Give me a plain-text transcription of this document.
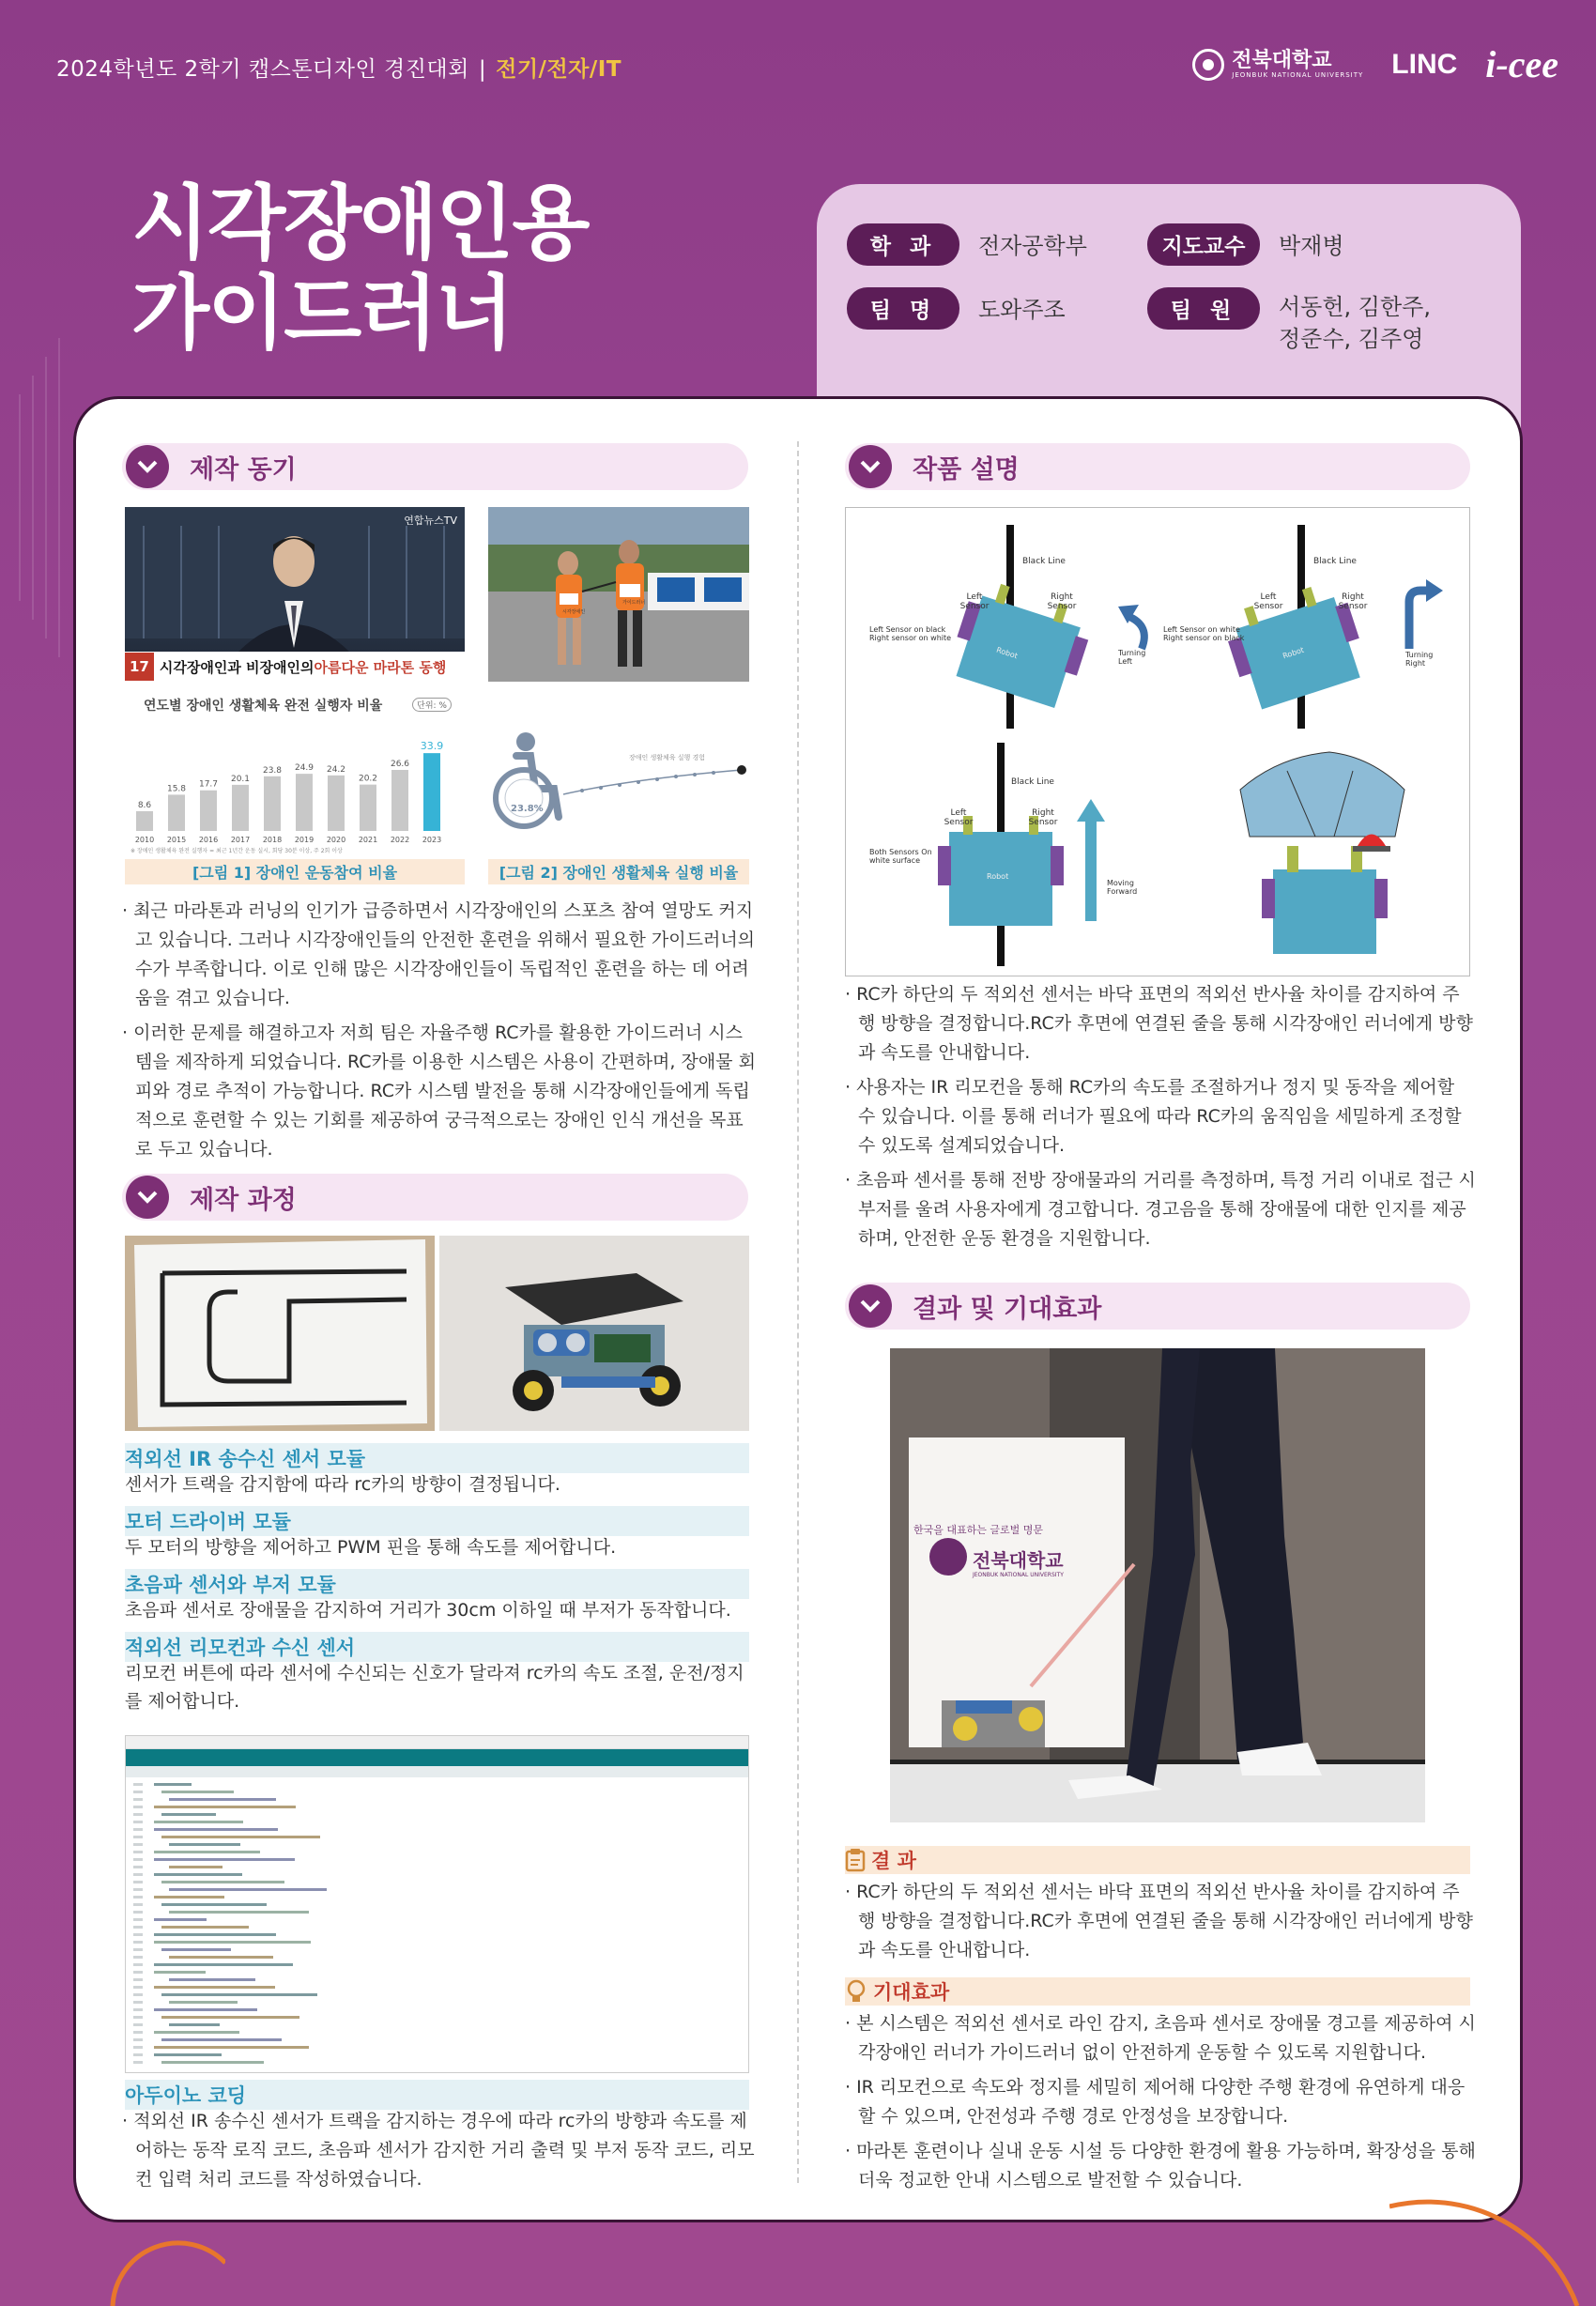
2024학년도 2학기 캡스톤디자인 경진대회 | 전기/전자/IT	전북대학교
JEONBUK NATIONAL UNIVERSITY LINC i-cee
시각장애인용
가이드러너
학 과	전자공학부	지도교수	박재병
팀 명	도와주조	팀 원	서동헌, 김한주,
정준수, 김주영
제작 동기
연합뉴스TV
17 시각장애인과 비장애인의 아름다운 마라톤 동행
시각장애인
가이드러너
연도별 장애인 생활체육 완전 실행자 비율	단위: %
8.6
2010
15.8
2015
17.7
2016
20.1
2017
23.8
2018
24.9
2019
24.2
2020
20.2
2021
26.6
2022
33.9
2023
※ 장애인 생활체육 완전 실행자 = 최근 1년간 운동 실시, 회당 30분 이상, 주 2회 이상
장애인 생활체육 실행 경험
23.8%
[그림 1] 장애인 운동참여 비율	[그림 2] 장애인 생활체육 실행 비율

· 최근 마라톤과 러닝의 인기가 급증하면서 시각장애인의 스포츠 참여 열망도 커지고 있습니다. 그러나 시각장애인들의 안전한 훈련을 위해서 필요한 가이드러너의 수가 부족합니다. 이로 인해 많은 시각장애인들이 독립적인 훈련을 하는 데 어려움을 겪고 있습니다.

· 이러한 문제를 해결하고자 저희 팀은 자율주행 RC카를 활용한 가이드러너 시스템을 제작하게 되었습니다. RC카를 이용한 시스템은 사용이 간편하며, 장애물 회피와 경로 추적이 가능합니다. RC카 시스템 발전을 통해 시각장애인들에게 독립적으로 훈련할 수 있는 기회를 제공하여 궁극적으로는 장애인 인식 개선을 목표로 두고 있습니다.

제작 과정
적외선 IR 송수신 센서 모듈
센서가 트랙을 감지함에 따라 rc카의 방향이 결정됩니다.
모터 드라이버 모듈
두 모터의 방향을 제어하고 PWM 핀을 통해 속도를 제어합니다.
초음파 센서와 부저 모듈
초음파 센서로 장애물을 감지하여 거리가 30cm 이하일 때 부저가 동작합니다.
적외선 리모컨과 수신 센서
리모컨 버튼에 따라 센서에 수신되는 신호가 달라져 rc카의 속도 조절, 운전/정지를 제어합니다.
아두이노 코딩

· 적외선 IR 송수신 센서가 트랙을 감지하는 경우에 따라 rc카의 방향과 속도를 제어하는 동작 로직 코드, 초음파 센서가 감지한 거리 출력 및 부저 동작 코드, 리모컨 입력 처리 코드를 작성하였습니다.

작품 설명
Black Line
Left Sensor
Right Sensor
Left Sensor on black Right sensor on white
Turning Left
Robot
Black Line
Left Sensor
Right Sensor
Left Sensor on white Right sensor on black
Turning Right
Robot
Black Line
Left Sensor
Right Sensor
Both Sensors On white surface
Moving Forward
Robot

· RC카 하단의 두 적외선 센서는 바닥 표면의 적외선 반사율 차이를 감지하여 주행 방향을 결정합니다.RC카 후면에 연결된 줄을 통해 시각장애인 러너에게 방향과 속도를 안내합니다.

· 사용자는 IR 리모컨을 통해 RC카의 속도를 조절하거나 정지 및 동작을 제어할 수 있습니다. 이를 통해 러너가 필요에 따라 RC카의 움직임을 세밀하게 조정할 수 있도록 설계되었습니다.

· 초음파 센서를 통해 전방 장애물과의 거리를 측정하며, 특정 거리 이내로 접근 시 부저를 울려 사용자에게 경고합니다. 경고음을 통해 장애물에 대한 인지를 제공하며, 안전한 운동 환경을 지원합니다.

결과 및 기대효과
한국을 대표하는 글로벌 명문
전북대학교
JEONBUK NATIONAL UNIVERSITY
결 과

· RC카 하단의 두 적외선 센서는 바닥 표면의 적외선 반사율 차이를 감지하여 주행 방향을 결정합니다.RC카 후면에 연결된 줄을 통해 시각장애인 러너에게 방향과 속도를 안내합니다.

기대효과

· 본 시스템은 적외선 센서로 라인 감지, 초음파 센서로 장애물 경고를 제공하여 시각장애인 러너가 가이드러너 없이 안전하게 운동할 수 있도록 지원합니다.

· IR 리모컨으로 속도와 정지를 세밀히 제어해 다양한 주행 환경에 유연하게 대응할 수 있으며, 안전성과 주행 경로 안정성을 보장합니다.

· 마라톤 훈련이나 실내 운동 시설 등 다양한 환경에 활용 가능하며, 확장성을 통해 더욱 정교한 안내 시스템으로 발전할 수 있습니다.
